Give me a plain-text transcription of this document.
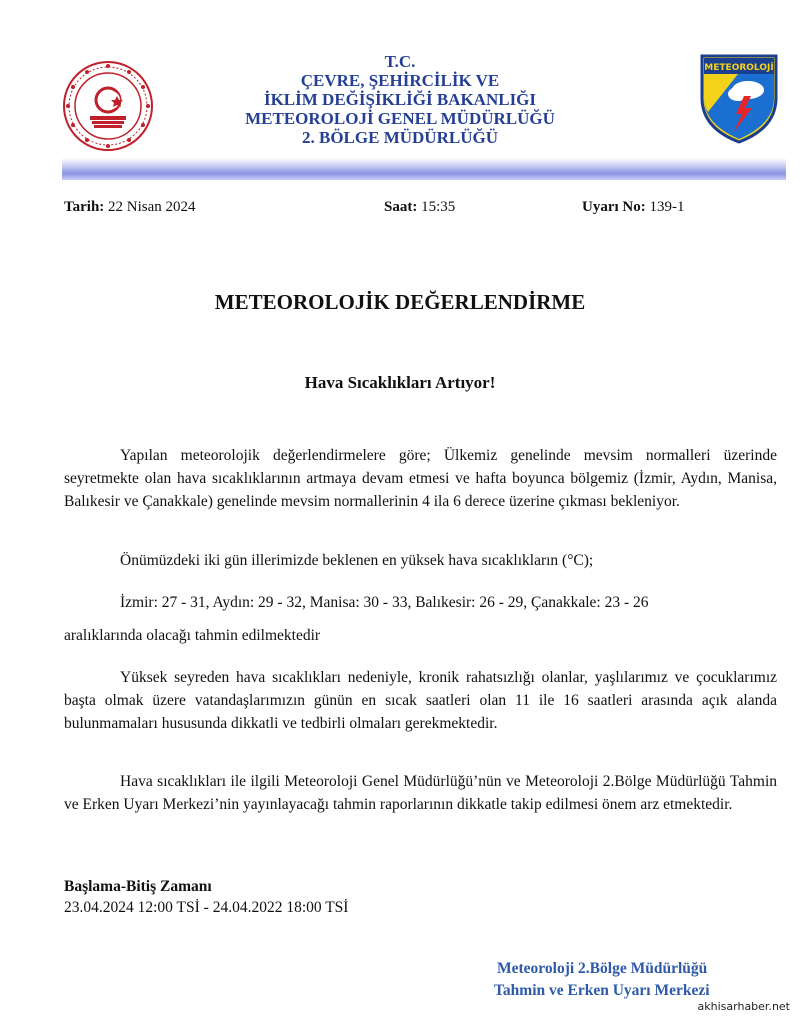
T.C.
ÇEVRE, ŞEHİRCİLİK VE
İKLİM DEĞİŞİKLİĞİ BAKANLIĞI
METEOROLOJİ GENEL MÜDÜRLÜĞÜ
2. BÖLGE MÜDÜRLÜĞÜ
METEOROLOJİ
Tarih: 22 Nisan 2024	Saat: 15:35	Uyarı No: 139-1
METEOROLOJİK DEĞERLENDİRME
Hava Sıcaklıkları Artıyor!
Yapılan meteorolojik değerlendirmelere göre; Ülkemiz genelinde mevsim normalleri üzerinde seyretmekte olan hava sıcaklıklarının artmaya devam etmesi ve hafta boyunca bölgemiz (İzmir, Aydın, Manisa, Balıkesir ve Çanakkale) genelinde mevsim normallerinin 4 ila 6 derece üzerine çıkması bekleniyor.
Önümüzdeki iki gün illerimizde beklenen en yüksek hava sıcaklıkların (°C);
İzmir: 27 - 31, Aydın: 29 - 32, Manisa: 30 - 33, Balıkesir: 26 - 29, Çanakkale: 23 - 26
aralıklarında olacağı tahmin edilmektedir
Yüksek seyreden hava sıcaklıkları nedeniyle, kronik rahatsızlığı olanlar, yaşlılarımız ve çocuklarımız başta olmak üzere vatandaşlarımızın günün en sıcak saatleri olan 11 ile 16 saatleri arasında açık alanda bulunmamaları hususunda dikkatli ve tedbirli olmaları gerekmektedir.
Hava sıcaklıkları ile ilgili Meteoroloji Genel Müdürlüğü’nün ve Meteoroloji 2.Bölge Müdürlüğü Tahmin ve Erken Uyarı Merkezi’nin yayınlayacağı tahmin raporlarının dikkatle takip edilmesi önem arz etmektedir.
Başlama-Bitiş Zamanı
23.04.2024 12:00 TSİ - 24.04.2022 18:00 TSİ
Meteoroloji 2.Bölge Müdürlüğü
Tahmin ve Erken Uyarı Merkezi
akhisarhaber.net
